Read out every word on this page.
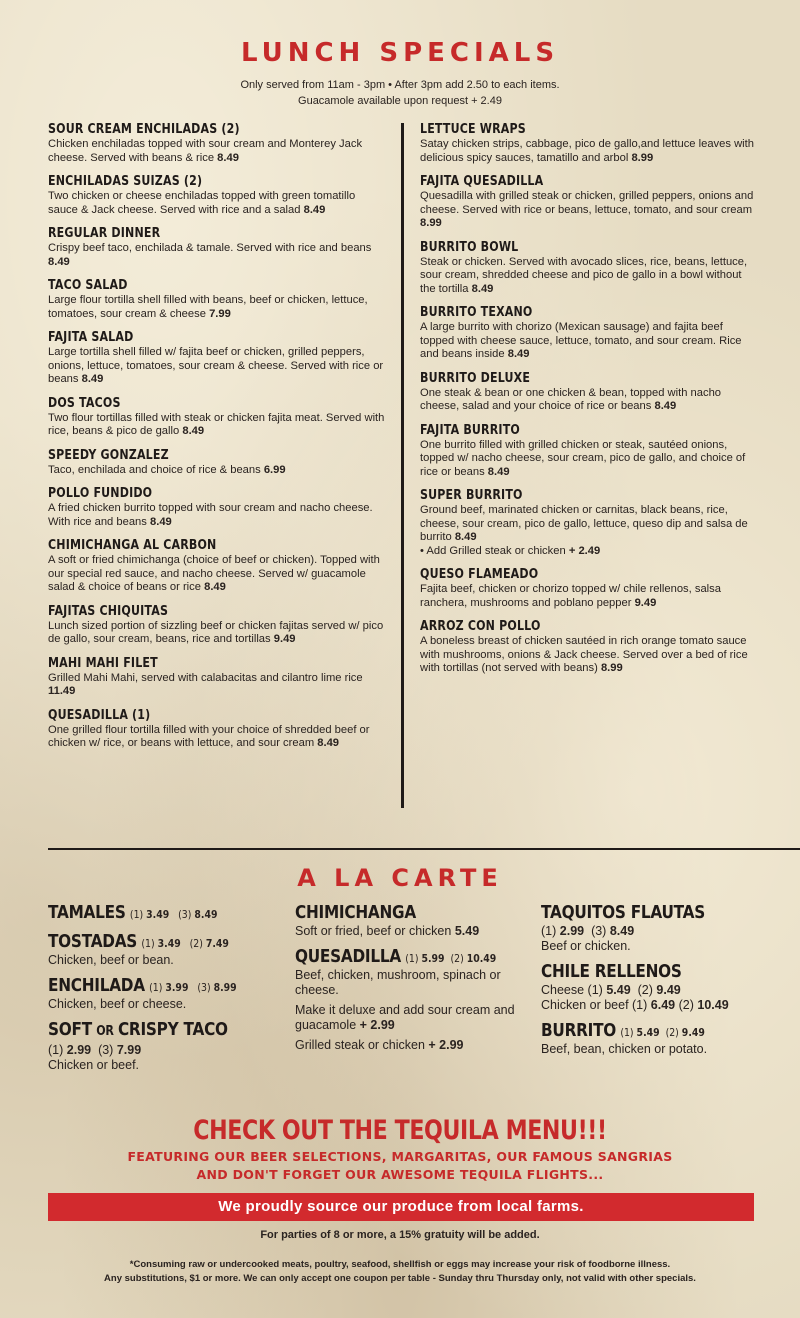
LUNCH SPECIALS
Only served from 11am - 3pm • After 3pm add 2.50 to each items.
Guacamole available upon request + 2.49
SOUR CREAM ENCHILADAS (2)
Chicken enchiladas topped with sour cream and Monterey Jack cheese. Served with beans & rice 8.49
ENCHILADAS SUIZAS (2)
Two chicken or cheese enchiladas topped with green tomatillo sauce & Jack cheese. Served with rice and a salad 8.49
REGULAR DINNER
Crispy beef taco, enchilada & tamale. Served with rice and beans 8.49
TACO SALAD
Large flour tortilla shell filled with beans, beef or chicken, lettuce, tomatoes, sour cream & cheese 7.99
FAJITA SALAD
Large tortilla shell filled w/ fajita beef or chicken, grilled peppers, onions, lettuce, tomatoes, sour cream & cheese. Served with rice or beans 8.49
DOS TACOS
Two flour tortillas filled with steak or chicken fajita meat. Served with rice, beans & pico de gallo 8.49
SPEEDY GONZALEZ
Taco, enchilada and choice of rice & beans 6.99
POLLO FUNDIDO
A fried chicken burrito topped with sour cream and nacho cheese. With rice and beans 8.49
CHIMICHANGA AL CARBON
A soft or fried chimichanga (choice of beef or chicken). Topped with our special red sauce, and nacho cheese. Served w/ guacamole salad & choice of beans or rice 8.49
FAJITAS CHIQUITAS
Lunch sized portion of sizzling beef or chicken fajitas served w/ pico de gallo, sour cream, beans, rice and tortillas 9.49
MAHI MAHI FILET
Grilled Mahi Mahi, served with calabacitas and cilantro lime rice 11.49
QUESADILLA (1)
One grilled flour tortilla filled with your choice of shredded beef or chicken w/ rice, or beans with lettuce, and sour cream 8.49
LETTUCE WRAPS
Satay chicken strips, cabbage, pico de gallo,and lettuce leaves with delicious spicy sauces, tamatillo and arbol 8.99
FAJITA QUESADILLA
Quesadilla with grilled steak or chicken, grilled peppers, onions and cheese. Served with rice or beans, lettuce, tomato, and sour cream 8.99
BURRITO BOWL
Steak or chicken. Served with avocado slices, rice, beans, lettuce, sour cream, shredded cheese and pico de gallo in a bowl without the tortilla 8.49
BURRITO TEXANO
A large burrito with chorizo (Mexican sausage) and fajita beef topped with cheese sauce, lettuce, tomato, and sour cream. Rice and beans inside 8.49
BURRITO DELUXE
One steak & bean or one chicken & bean, topped with nacho cheese, salad and your choice of rice or beans 8.49
FAJITA BURRITO
One burrito filled with grilled chicken or steak, sautéed onions, topped w/ nacho cheese, sour cream, pico de gallo, and choice of rice or beans 8.49
SUPER BURRITO
Ground beef, marinated chicken or carnitas, black beans, rice, cheese, sour cream, pico de gallo, lettuce, queso dip and salsa de burrito 8.49
• Add Grilled steak or chicken + 2.49
QUESO FLAMEADO
Fajita beef, chicken or chorizo topped w/ chile rellenos, salsa ranchera, mushrooms and poblano pepper 9.49
ARROZ CON POLLO
A boneless breast of chicken sautéed in rich orange tomato sauce with mushrooms, onions & Jack cheese. Served over a bed of rice with tortillas (not served with beans) 8.99
A LA CARTE
TAMALES (1) 3.49 (3) 8.49
TOSTADAS (1) 3.49 (2) 7.49
Chicken, beef or bean.
ENCHILADA (1) 3.99 (3) 8.99
Chicken, beef or cheese.
SOFT OR CRISPY TACO
(1) 2.99 (3) 7.99
Chicken or beef.
CHIMICHANGA
Soft or fried, beef or chicken 5.49
QUESADILLA (1) 5.99 (2) 10.49
Beef, chicken, mushroom, spinach or cheese.
Make it deluxe and add sour cream and guacamole + 2.99
Grilled steak or chicken + 2.99
TAQUITOS FLAUTAS
(1) 2.99 (3) 8.49
Beef or chicken.
CHILE RELLENOS
Cheese (1) 5.49 (2) 9.49
Chicken or beef (1) 6.49 (2) 10.49
BURRITO (1) 5.49 (2) 9.49
Beef, bean, chicken or potato.
CHECK OUT THE TEQUILA MENU!!!
FEATURING OUR BEER SELECTIONS, MARGARITAS, OUR FAMOUS SANGRIAS
AND DON'T FORGET OUR AWESOME TEQUILA FLIGHTS...
We proudly source our produce from local farms.
For parties of 8 or more, a 15% gratuity will be added.
*Consuming raw or undercooked meats, poultry, seafood, shellfish or eggs may increase your risk of foodborne illness.
Any substitutions, $1 or more. We can only accept one coupon per table - Sunday thru Thursday only, not valid with other specials.
